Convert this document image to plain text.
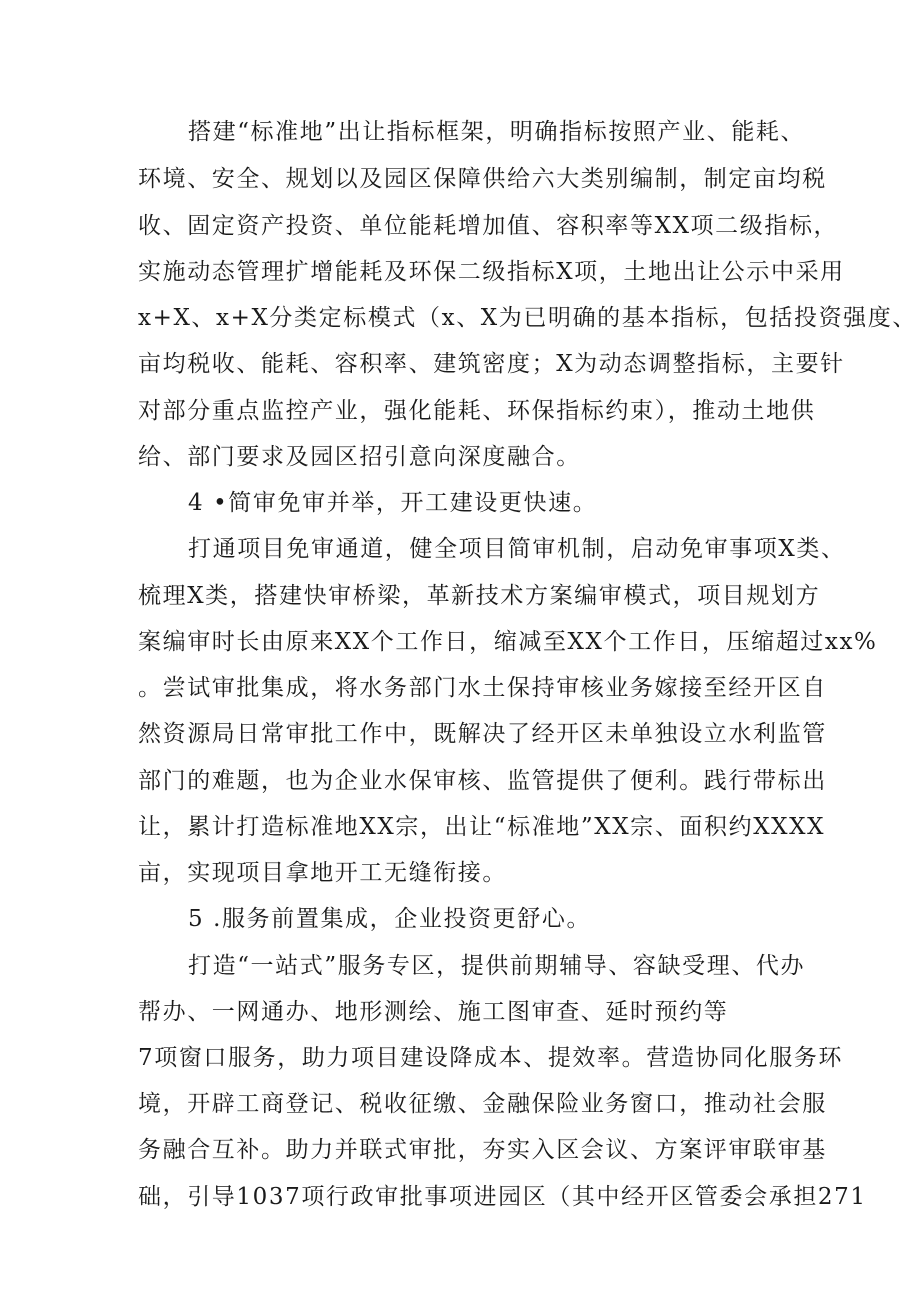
搭建“标准地”出让指标框架，明确指标按照产业、能耗、
环境、安全、规划以及园区保障供给六大类别编制，制定亩均税
收、固定资产投资、单位能耗增加值、容积率等XX项二级指标，
实施动态管理扩增能耗及环保二级指标X项，土地出让公示中采用
x+X、x+X分类定标模式（x、X为已明确的基本指标，包括投资强度、
亩均税收、能耗、容积率、建筑密度；X为动态调整指标，主要针
对部分重点监控产业，强化能耗、环保指标约束），推动土地供
给、部门要求及园区招引意向深度融合。
4 •简审免审并举，开工建设更快速。
打通项目免审通道，健全项目简审机制，启动免审事项X类、
梳理X类，搭建快审桥梁，革新技术方案编审模式，项目规划方
案编审时长由原来XX个工作日，缩减至XX个工作日，压缩超过xx%
。尝试审批集成，将水务部门水土保持审核业务嫁接至经开区自
然资源局日常审批工作中，既解决了经开区未单独设立水利监管
部门的难题，也为企业水保审核、监管提供了便利。践行带标出
让，累计打造标准地XX宗，出让“标准地”XX宗、面积约XXXX
亩，实现项目拿地开工无缝衔接。
5 .服务前置集成，企业投资更舒心。
打造“一站式”服务专区，提供前期辅导、容缺受理、代办
帮办、一网通办、地形测绘、施工图审查、延时预约等
7项窗口服务，助力项目建设降成本、提效率。营造协同化服务环
境，开辟工商登记、税收征缴、金融保险业务窗口，推动社会服
务融合互补。助力并联式审批，夯实入区会议、方案评审联审基
础，引导1037项行政审批事项进园区（其中经开区管委会承担271
